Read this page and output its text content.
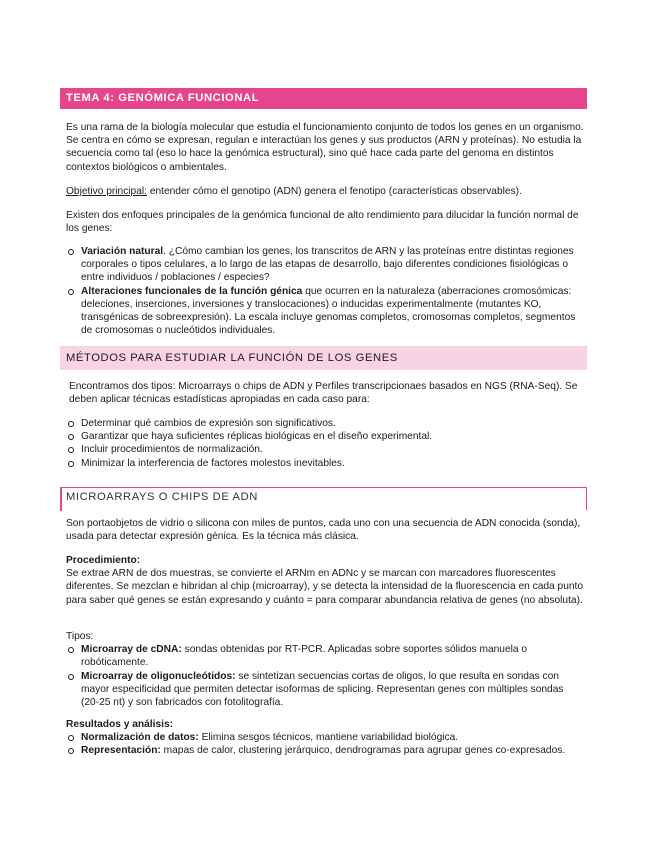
TEMA 4: GENÓMICA FUNCIONAL

Es una rama de la biología molecular que estudia el funcionamiento conjunto de todos los genes en un organismo. Se centra en cómo se expresan, regulan e interactúan los genes y sus productos (ARN y proteínas). No estudia la secuencia como tal (eso lo hace la genómica estructural), sino qué hace cada parte del genoma en distintos contextos biológicos o ambientales.

Objetivo principal: entender cómo el genotipo (ADN) genera el fenotipo (características observables).

Existen dos enfoques principales de la genómica funcional de alto rendimiento para dilucidar la función normal de los genes:

Variación natural. ¿Cómo cambian los genes, los transcritos de ARN y las proteínas entre distintas regiones corporales o tipos celulares, a lo largo de las etapas de desarrollo, bajo diferentes condiciones fisiológicas o entre individuos / poblaciones / especies?
Alteraciones funcionales de la función génica que ocurren en la naturaleza (aberraciones cromosómicas: deleciones, inserciones, inversiones y translocaciones) o inducidas experimentalmente (mutantes KO, transgénicas de sobreexpresión). La escala incluye genomas completos, cromosomas completos, segmentos de cromosomas o nucleótidos individuales.
MÉTODOS PARA ESTUDIAR LA FUNCIÓN DE LOS GENES

Encontramos dos tipos: Microarrays o chips de ADN y Perfiles transcripcionaes basados en NGS (RNA-Seq). Se deben aplicar técnicas estadísticas apropiadas en cada caso para:

Determinar qué cambios de expresión son significativos.
Garantizar que haya suficientes réplicas biológicas en el diseño experimental.
Incluir procedimientos de normalización.
Minimizar la interferencia de factores molestos inevitables.
MICROARRAYS O CHIPS DE ADN

Son portaobjetos de vidrio o silicona con miles de puntos, cada uno con una secuencia de ADN conocida (sonda), usada para detectar expresión génica. Es la técnica más clásica.

Procedimiento:

Se extrae ARN de dos muestras, se convierte el ARNm en ADNc y se marcan con marcadores fluorescentes diferentes. Se mezclan e hibridan al chip (microarray), y se detecta la intensidad de la fluorescencia en cada punto para saber qué genes se están expresando y cuánto = para comparar abundancia relativa de genes (no absoluta).

Tipos:

Microarray de cDNA: sondas obtenidas por RT-PCR. Aplicadas sobre soportes sólidos manuela o robóticamente.
Microarray de oligonucleótidos: se sintetizan secuencias cortas de oligos, lo que resulta en sondas con mayor especificidad que permiten detectar isoformas de splicing. Representan genes con múltiples sondas (20-25 nt) y son fabricados con fotolitografía.

Resultados y análisis:

Normalización de datos: Elimina sesgos técnicos, mantiene variabilidad biológica.
Representación: mapas de calor, clustering jerárquico, dendrogramas para agrupar genes co-expresados.
